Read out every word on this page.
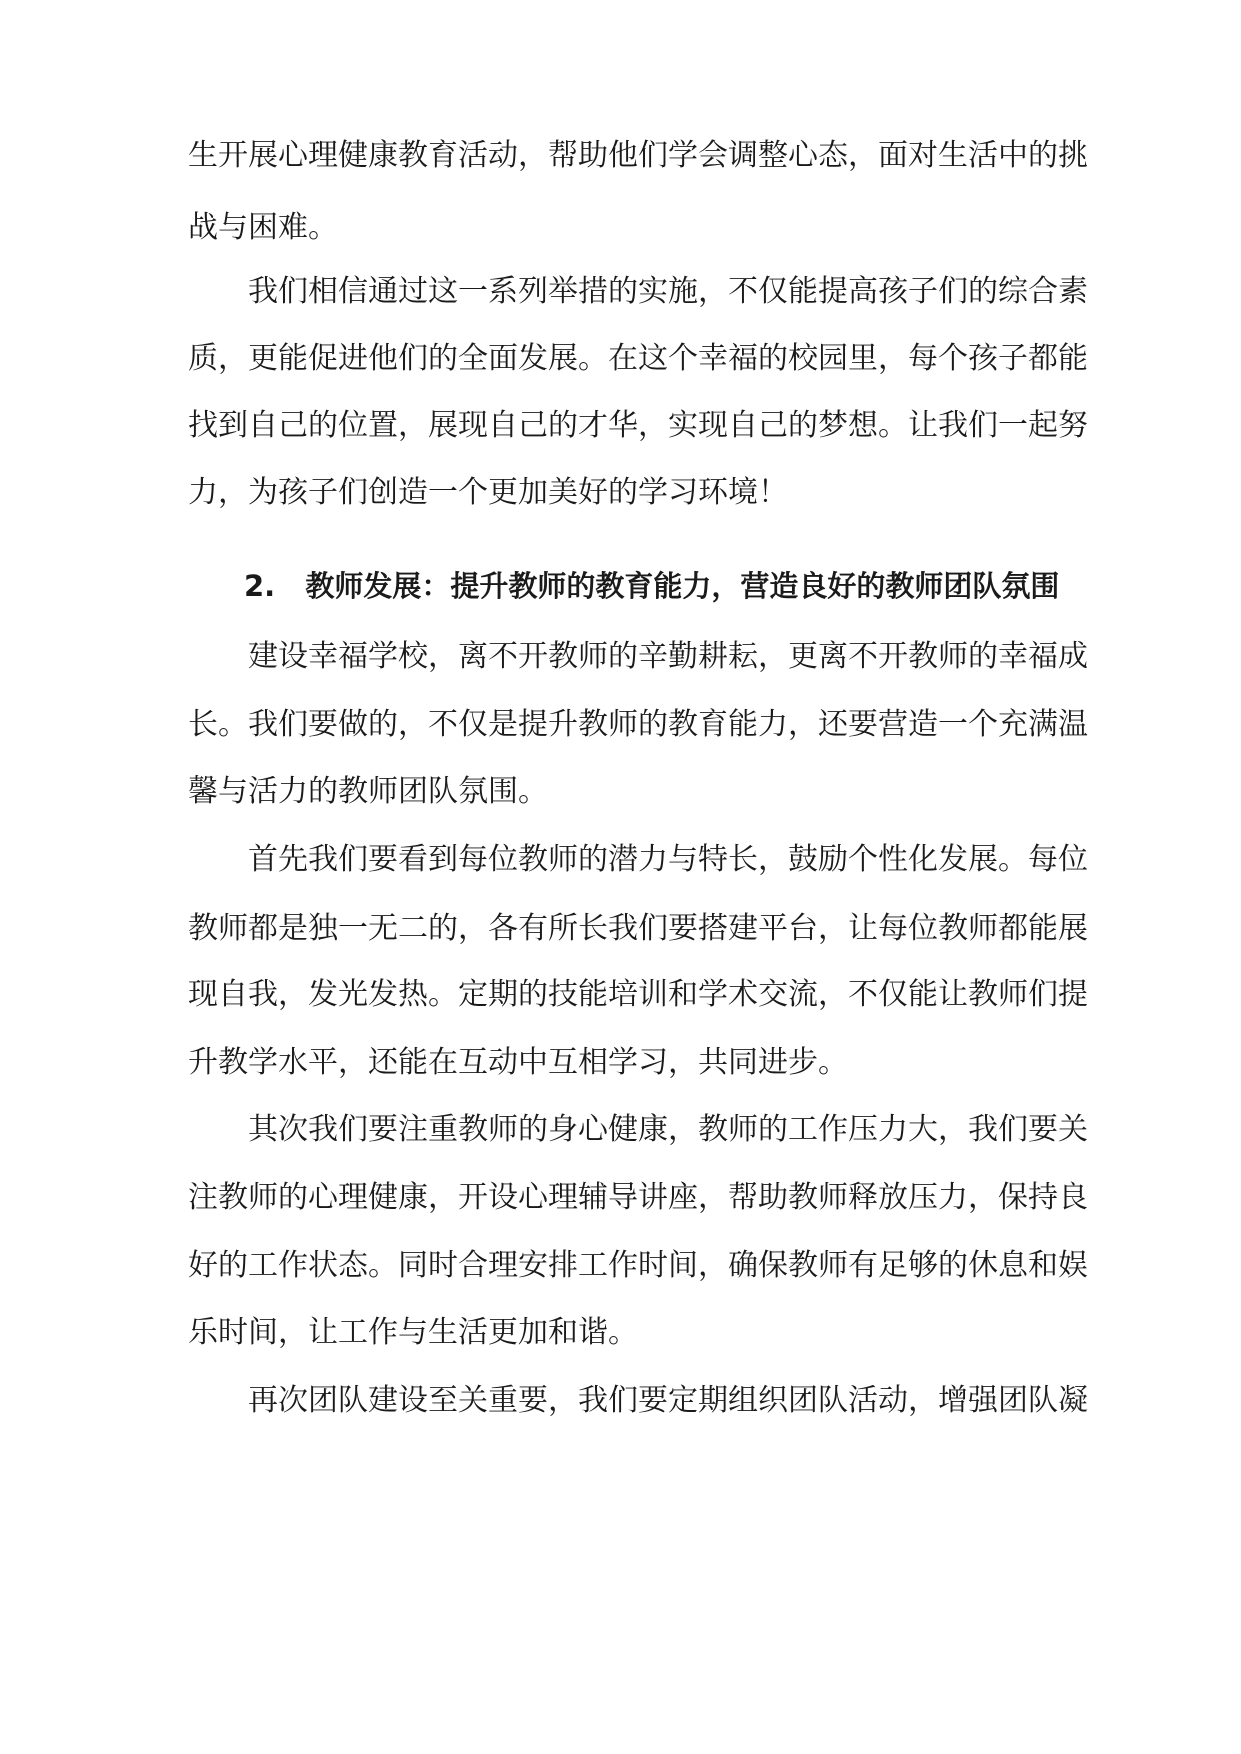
生开展心理健康教育活动，帮助他们学会调整心态，面对生活中的挑
战与困难。
我们相信通过这一系列举措的实施，不仅能提高孩子们的综合素
质，更能促进他们的全面发展。在这个幸福的校园里，每个孩子都能
找到自己的位置，展现自己的才华，实现自己的梦想。让我们一起努
力，为孩子们创造一个更加美好的学习环境！
2. 教师发展：提升教师的教育能力，营造良好的教师团队氛围
建设幸福学校，离不开教师的辛勤耕耘，更离不开教师的幸福成
长。我们要做的，不仅是提升教师的教育能力，还要营造一个充满温
馨与活力的教师团队氛围。
首先我们要看到每位教师的潜力与特长，鼓励个性化发展。每位
教师都是独一无二的，各有所长我们要搭建平台，让每位教师都能展
现自我，发光发热。定期的技能培训和学术交流，不仅能让教师们提
升教学水平，还能在互动中互相学习，共同进步。
其次我们要注重教师的身心健康，教师的工作压力大，我们要关
注教师的心理健康，开设心理辅导讲座，帮助教师释放压力，保持良
好的工作状态。同时合理安排工作时间，确保教师有足够的休息和娱
乐时间，让工作与生活更加和谐。
再次团队建设至关重要，我们要定期组织团队活动，增强团队凝
